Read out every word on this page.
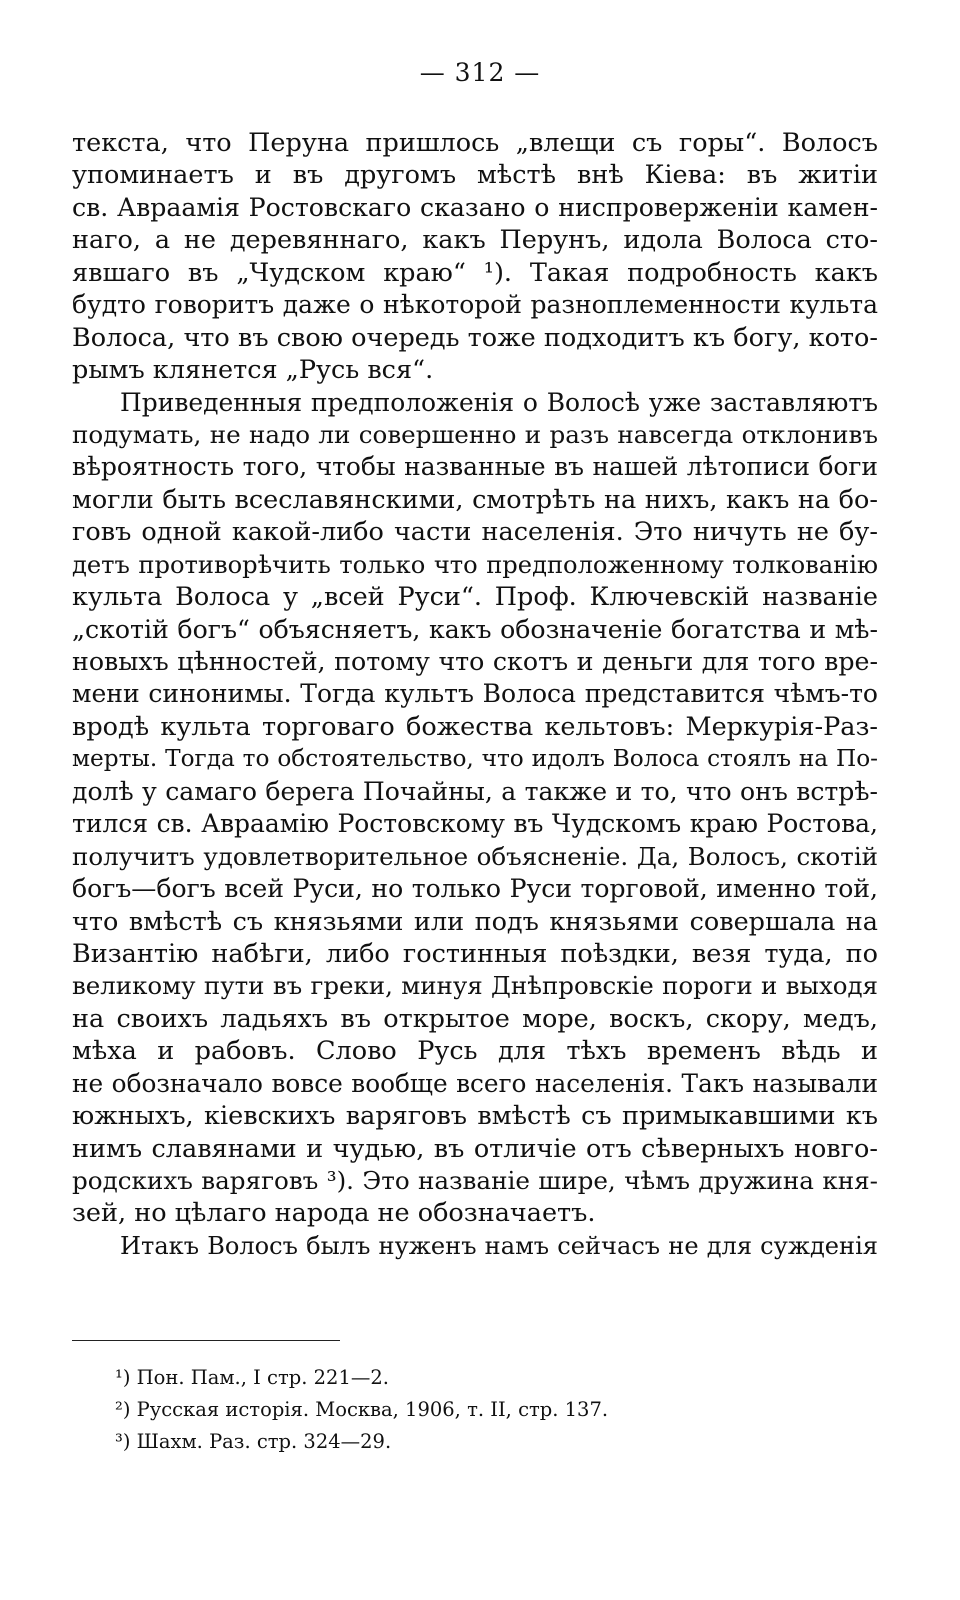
— 312 —
текста, что Перуна пришлось „влещи съ горы“. Волосъ
упоминаетъ и въ другомъ мѣстѣ внѣ Кіева: въ житіи
св. Авраамія Ростовскаго сказано о ниспроверженіи камен-
наго, а не деревяннаго, какъ Перунъ, идола Волоса сто-
явшаго въ „Чудском краю“ ¹). Такая подробность какъ
будто говоритъ даже о нѣкоторой разноплеменности культа
Волоса, что въ свою очередь тоже подходитъ къ богу, кото-
рымъ клянется „Русь вся“.
Приведенныя предположенія о Волосѣ уже заставляютъ
подумать, не надо ли совершенно и разъ навсегда отклонивъ
вѣроятность того, чтобы названные въ нашей лѣтописи боги
могли быть всеславянскими, смотрѣть на нихъ, какъ на бо-
говъ одной какой-либо части населенія. Это ничуть не бу-
детъ противорѣчить только что предположенному толкованію
культа Волоса у „всей Руси“. Проф. Ключевскій названіе
„скотій богъ“ объясняетъ, какъ обозначеніе богатства и мѣ-
новыхъ цѣнностей, потому что скотъ и деньги для того вре-
мени синонимы. Тогда культъ Волоса представится чѣмъ-то
вродѣ культа торговаго божества кельтовъ: Меркурія-Раз-
мерты. Тогда то обстоятельство, что идолъ Волоса стоялъ на По-
долѣ у самаго берега Почайны, а также и то, что онъ встрѣ-
тился св. Авраамію Ростовскому въ Чудскомъ краю Ростова,
получитъ удовлетворительное объясненіе. Да, Волосъ, скотій
богъ—богъ всей Руси, но только Руси торговой, именно той,
что вмѣстѣ съ князьями или подъ князьями совершала на
Византію набѣги, либо гостинныя поѣздки, везя туда, по
великому пути въ греки, минуя Днѣпровскіе пороги и выходя
на своихъ ладьяхъ въ открытое море, воскъ, скору, медъ,
мѣха и рабовъ. Слово Русь для тѣхъ временъ вѣдь и
не обозначало вовсе вообще всего населенія. Такъ называли
южныхъ, кіевскихъ варяговъ вмѣстѣ съ примыкавшими къ
нимъ славянами и чудью, въ отличіе отъ сѣверныхъ новго-
родскихъ варяговъ ³). Это названіе шире, чѣмъ дружина кня-
зей, но цѣлаго народа не обозначаетъ.
Итакъ Волосъ былъ нуженъ намъ сейчасъ не для сужденія
¹) Пон. Пам., I стр. 221—2.
²) Русская исторія. Москва, 1906, т. II, стр. 137.
³) Шахм. Раз. стр. 324—29.
